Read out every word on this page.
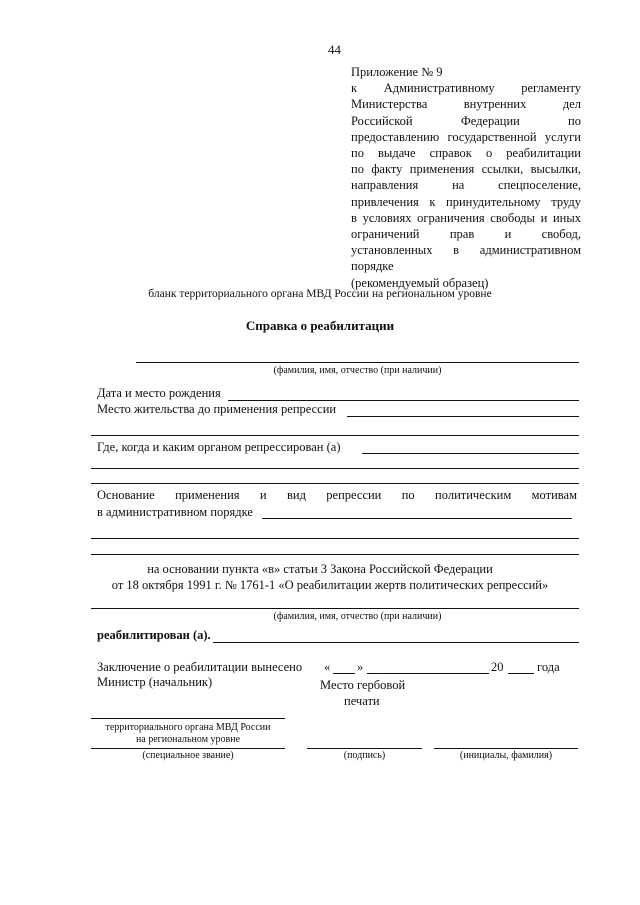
44
Приложение № 9
к Административному регламенту
Министерства внутренних дел
Российской Федерации по
предоставлению государственной услуги
по выдаче справок о реабилитации
по факту применения ссылки, высылки,
направления на спецпоселение,
привлечения к принудительному труду
в условиях ограничения свободы и иных
ограничений прав и свобод,
установленных в административном
порядке
(рекомендуемый образец)
бланк территориального органа МВД России на региональном уровне
Справка о реабилитации
(фамилия, имя, отчество (при наличии)
Дата и место рождения
Место жительства до применения репрессии
Где, когда и каким органом репрессирован (а)
Основание применения и вид репрессии по политическим мотивам
в административном порядке
на основании пункта «в» статьи 3 Закона Российской Федерации
от 18 октября 1991 г. № 1761-1 «О реабилитации жертв политических репрессий»
(фамилия, имя, отчество (при наличии)
реабилитирован (а).
Заключение о реабилитации вынесено « »	20	года
Министр (начальник)	Место гербовой
печати
территориального органа МВД России
на региональном уровне
(специальное звание)	(подпись)	(инициалы, фамилия)
